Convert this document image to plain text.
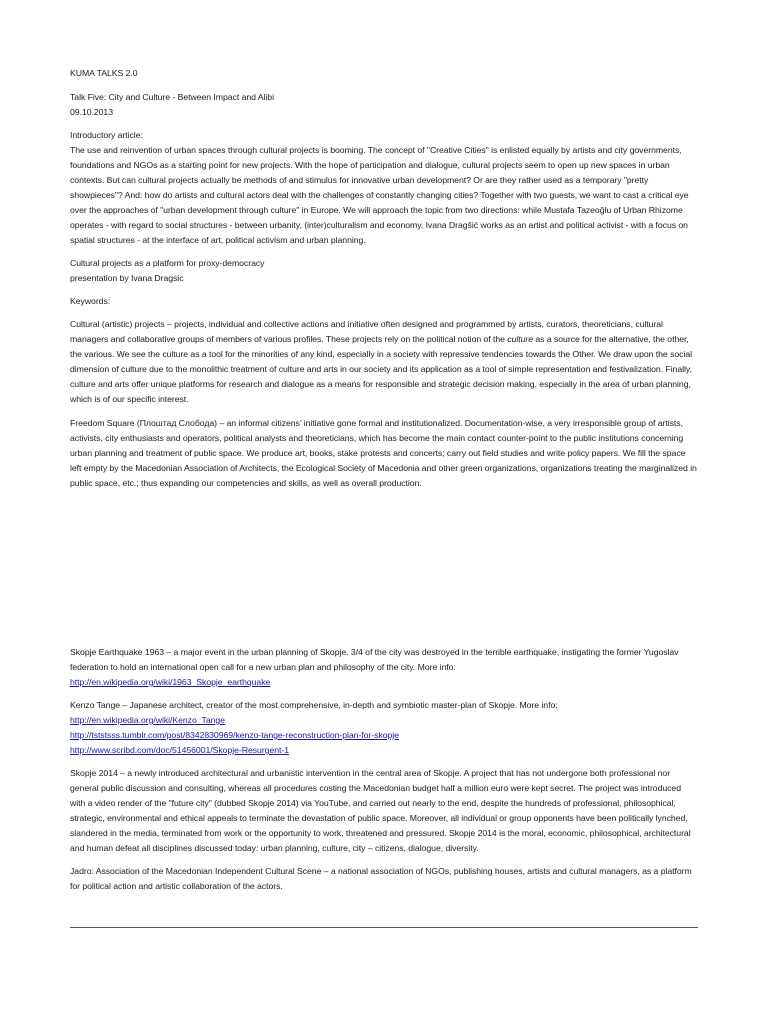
KUMA TALKS 2.0

Talk Five: City and Culture - Between Impact and Alibi

09.10.2013

Introductory article:

The use and reinvention of urban spaces through cultural projects is booming. The concept of "Creative Cities" is enlisted equally by artists and city governments, foundations and NGOs as a starting point for new projects. With the hope of participation and dialogue, cultural projects seem to open up new spaces in urban contexts. But can cultural projects actually be methods of and stimulus for innovative urban development? Or are they rather used as a temporary "pretty showpieces"? And: how do artists and cultural actors deal with the challenges of constantly changing cities? Together with two guests, we want to cast a critical eye over the approaches of "urban development through culture" in Europe. We will approach the topic from two directions: while Mustafa Tazeoğlu of Urban Rhizome operates - with regard to social structures - between urbanity, (inter)culturalism and economy, Ivana Dragšić works as an artist and political activist - with a focus on spatial structures - at the interface of art, political activism and urban planning.

Cultural projects as a platform for proxy-democracy

presentation by Ivana Dragsic

Keywords:

Cultural (artistic) projects – projects, individual and collective actions and initiative often designed and programmed by artists, curators, theoreticians, cultural managers and collaborative groups of members of various profiles. These projects rely on the political notion of the culture as a source for the alternative, the other, the various. We see the culture as a tool for the minorities of any kind, especially in a society with repressive tendencies towards the Other. We draw upon the social dimension of culture due to the monolithic treatment of culture and arts in our society and its application as a tool of simple representation and festivalization. Finally, culture and arts offer unique platforms for research and dialogue as a means for responsible and strategic decision making, especially in the area of urban planning, which is of our specific interest.

Freedom Square (Плоштад Слобода) – an informal citizens’ initiative gone formal and institutionalized. Documentation-wise, a very irresponsible group of artists, activists, city enthusiasts and operators, political analysts and theoreticians, which has become the main contact counter-point to the public institutions concerning urban planning and treatment of public space. We produce art, books, stake protests and concerts; carry out field studies and write policy papers. We fill the space left empty by the Macedonian Association of Architects, the Ecological Society of Macedonia and other green organizations, organizations treating the marginalized in public space, etc.; thus expanding our competencies and skills, as well as overall production.

Skopje Earthquake 1963 – a major event in the urban planning of Skopje. 3/4 of the city was destroyed in the terrible earthquake, instigating the former Yugoslav federation to hold an international open call for a new urban plan and philosophy of the city. More info:

http://en.wikipedia.org/wiki/1963_Skopje_earthquake

Kenzo Tange – Japanese architect, creator of the most comprehensive, in-depth and symbiotic master-plan of Skopje. More info:

http://en.wikipedia.org/wiki/Kenzo_Tange
http://tststsss.tumblr.com/post/8342830969/kenzo-tange-reconstruction-plan-for-skopje
http://www.scribd.com/doc/51456001/Skopje-Resurgent-1

Skopje 2014 – a newly introduced architectural and urbanistic intervention in the central area of Skopje. A project that has not undergone both professional nor general public discussion and consulting, whereas all procedures costing the Macedonian budget half a million euro were kept secret. The project was introduced with a video render of the "future city" (dubbed Skopje 2014) via YouTube, and carried out nearly to the end, despite the hundreds of professional, philosophical, strategic, environmental and ethical appeals to terminate the devastation of public space. Moreover, all individual or group opponents have been politically lynched, slandered in the media, terminated from work or the opportunity to work, threatened and pressured. Skopje 2014 is the moral, economic, philosophical, architectural and human defeat all disciplines discussed today: urban planning, culture, city – citizens, dialogue, diversity.

Jadro: Association of the Macedonian Independent Cultural Scene – a national association of NGOs, publishing houses, artists and cultural managers, as a platform for political action and artistic collaboration of the actors.
